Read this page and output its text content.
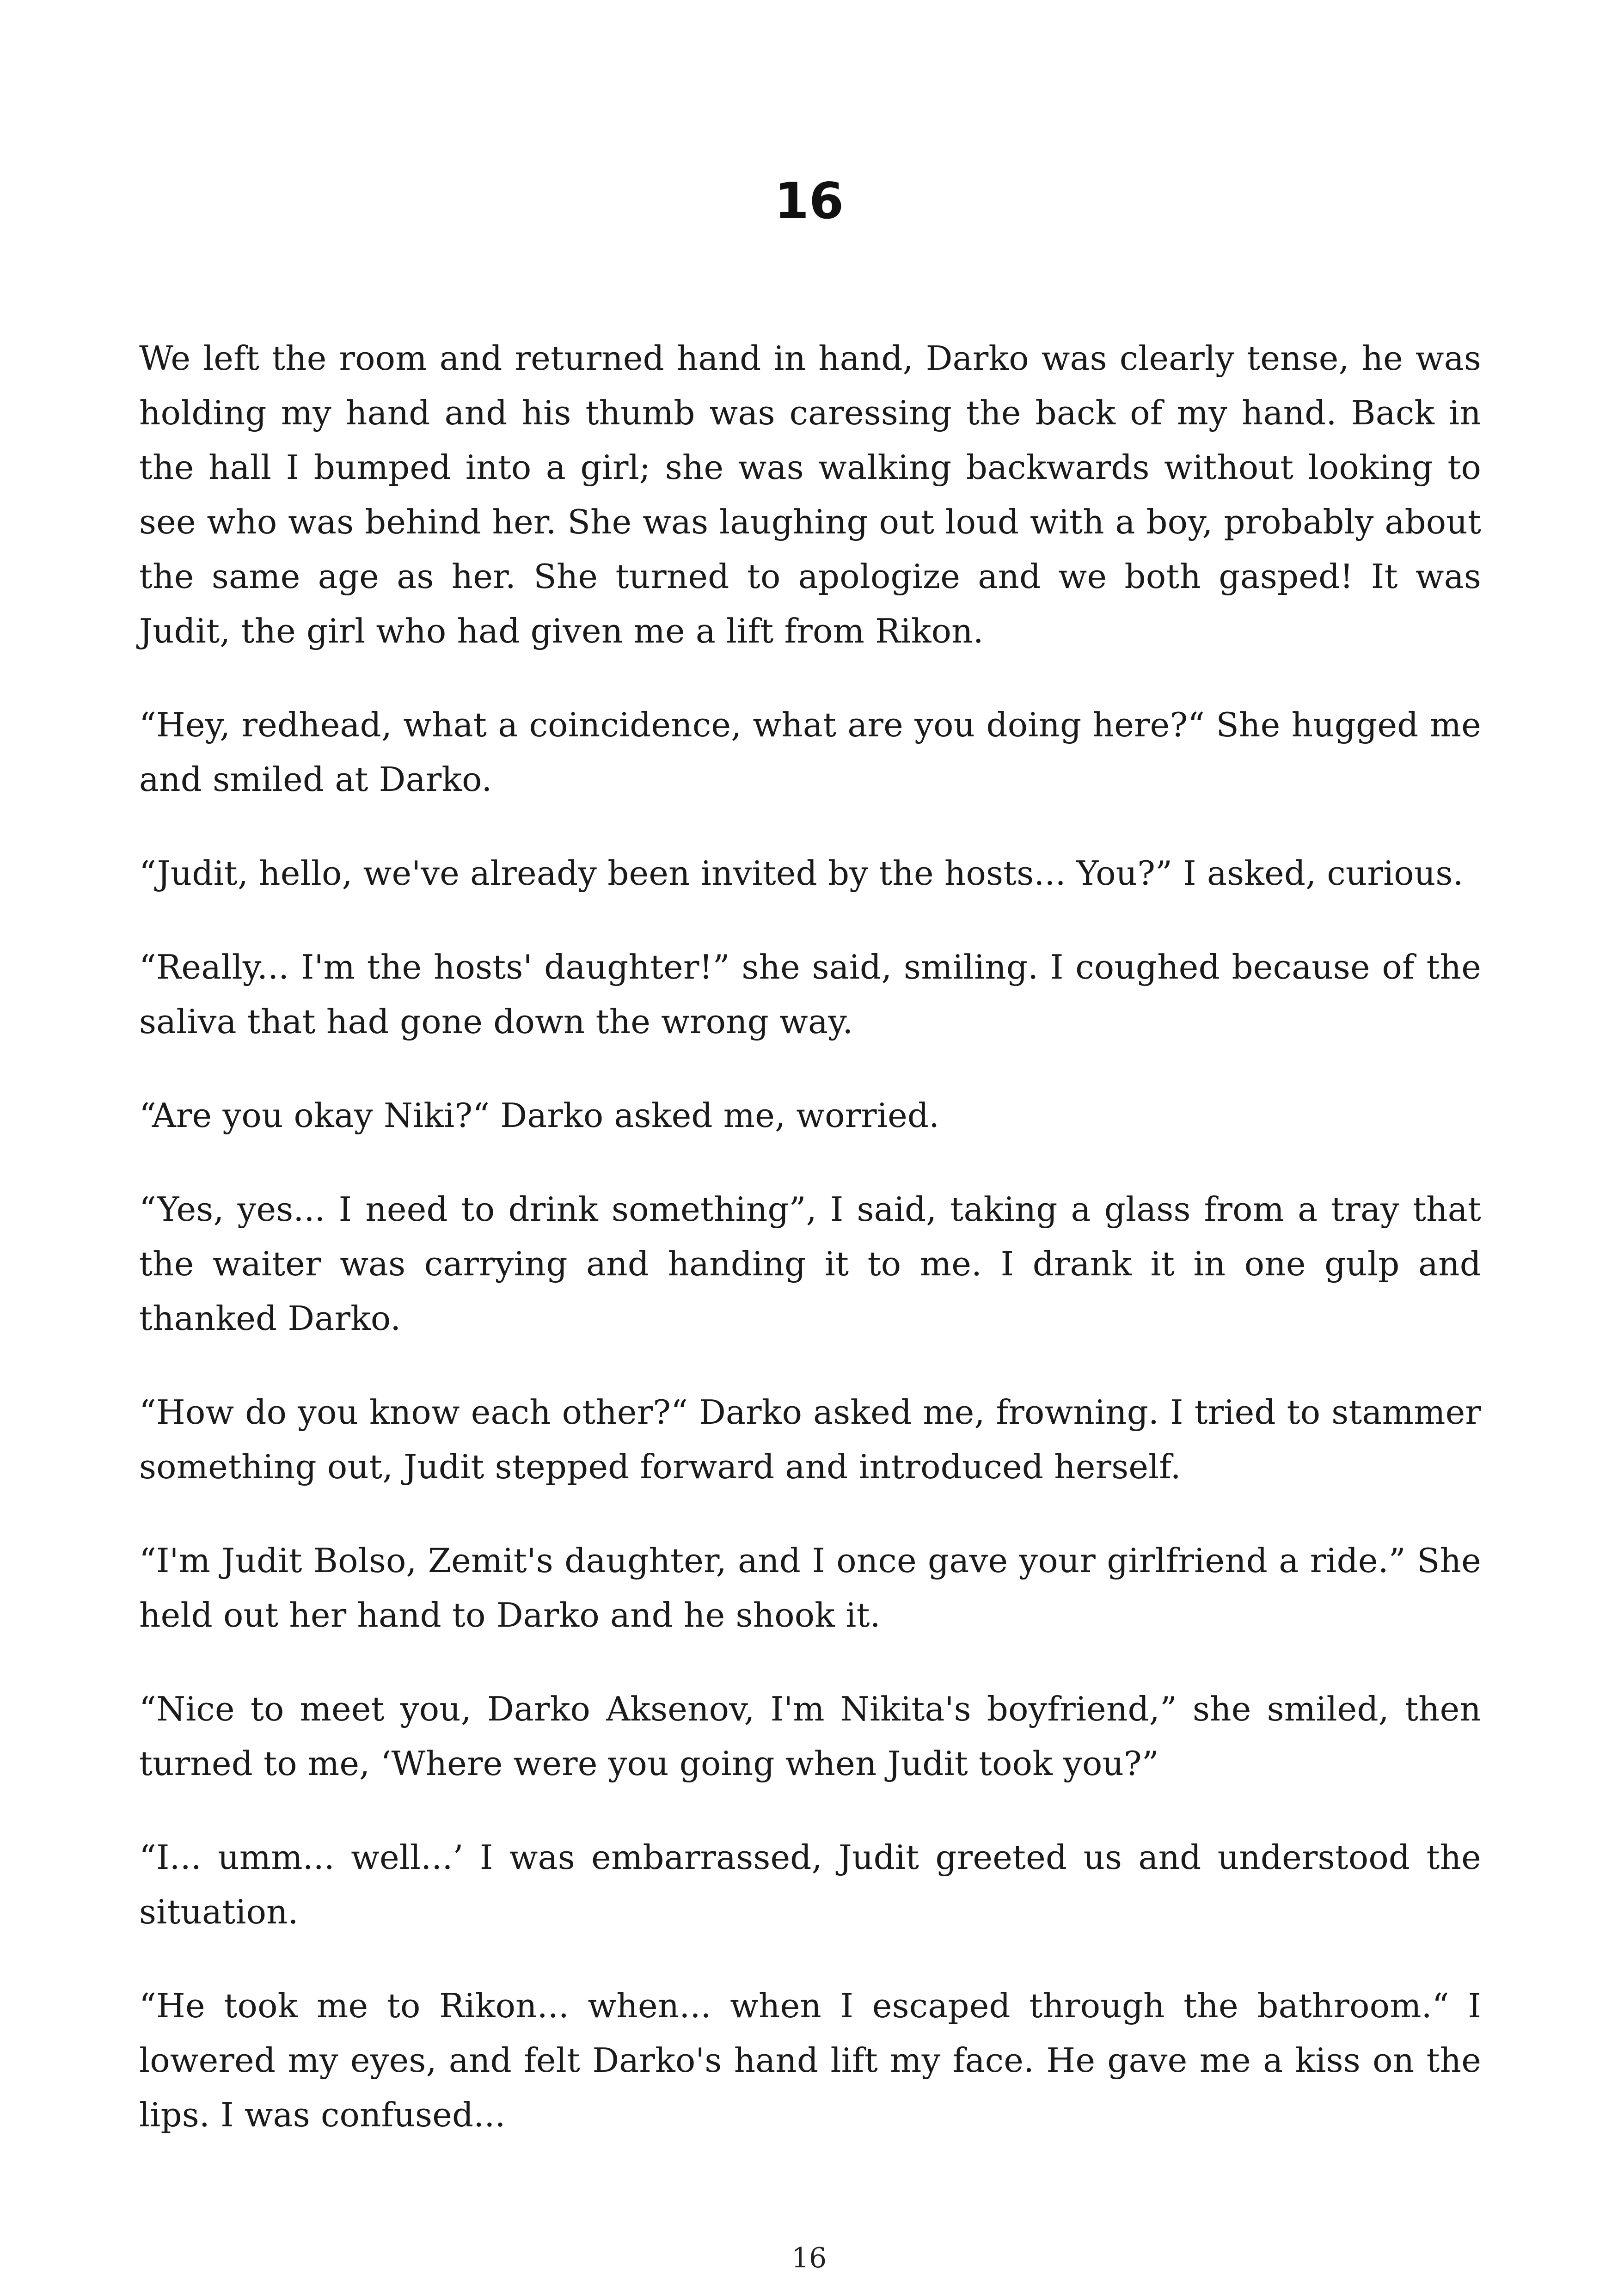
16

We left the room and returned hand in hand, Darko was clearly tense, he was holding my hand and his thumb was caressing the back of my hand. Back in the hall I bumped into a girl; she was walking backwards without looking to see who was behind her. She was laughing out loud with a boy, probably about the same age as her. She turned to apologize and we both gasped! It was Judit, the girl who had given me a lift from Rikon.

“Hey, redhead, what a coincidence, what are you doing here?“ She hugged me and smiled at Darko.

“Judit, hello, we've already been invited by the hosts... You?” I asked, curious.

“Really... I'm the hosts' daughter!” she said, smiling. I coughed because of the saliva that had gone down the wrong way.

“Are you okay Niki?“ Darko asked me, worried.

“Yes, yes... I need to drink something”, I said, taking a glass from a tray that the waiter was carrying and handing it to me. I drank it in one gulp and thanked Darko.

“How do you know each other?“ Darko asked me, frowning. I tried to stammer something out, Judit stepped forward and introduced herself.

“I'm Judit Bolso, Zemit's daughter, and I once gave your girlfriend a ride.” She held out her hand to Darko and he shook it.

“Nice to meet you, Darko Aksenov, I'm Nikita's boyfriend,” she smiled, then turned to me, ‘Where were you going when Judit took you?”

“I... umm... well...’ I was embarrassed, Judit greeted us and understood the situation.

“He took me to Rikon... when... when I escaped through the bathroom.“ I lowered my eyes, and felt Darko's hand lift my face. He gave me a kiss on the lips. I was confused...

16
